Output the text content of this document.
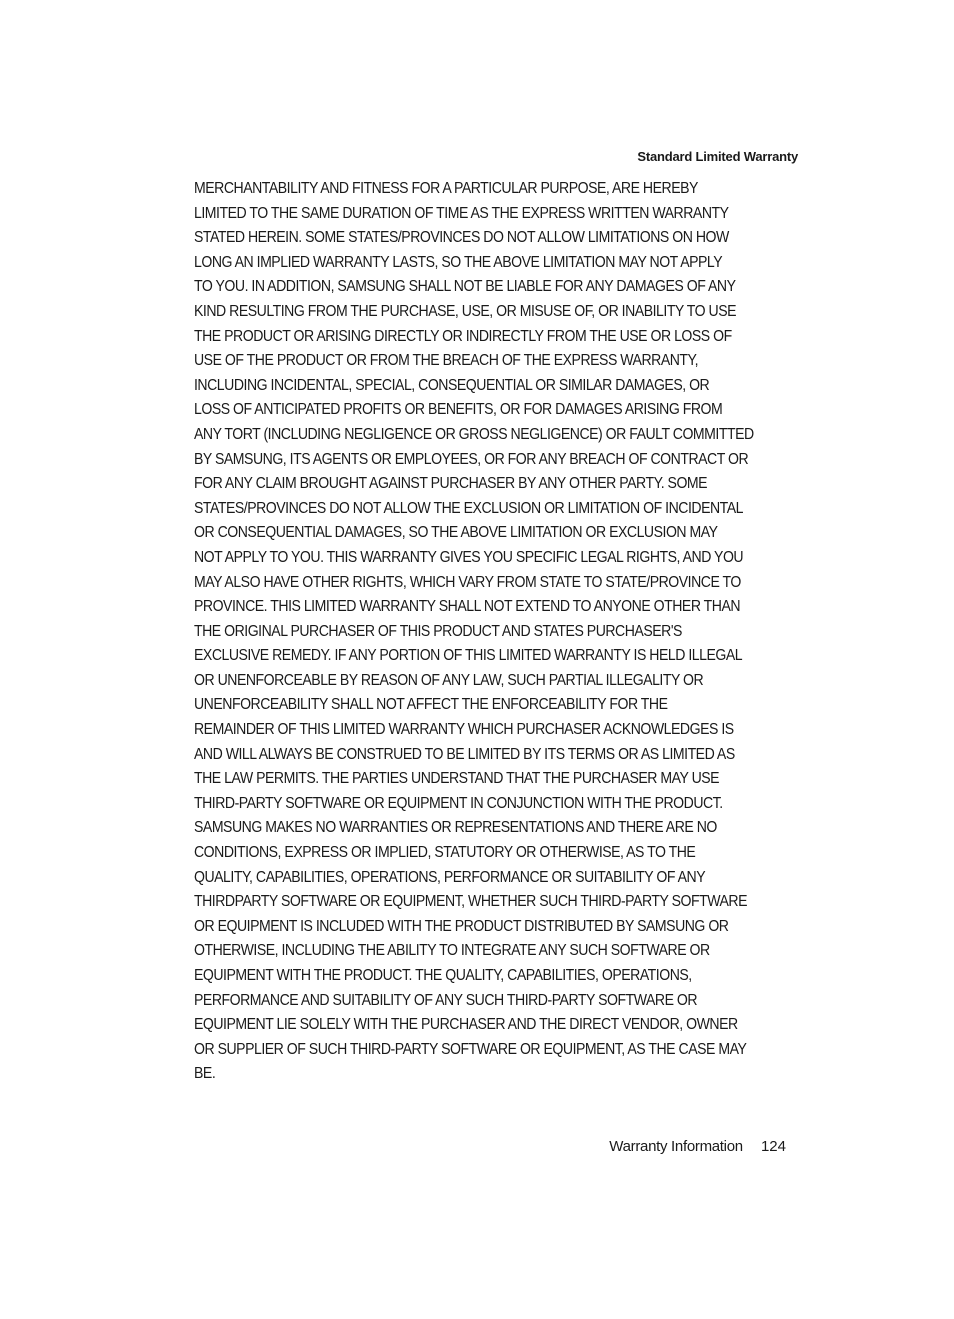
Standard Limited Warranty
MERCHANTABILITY AND FITNESS FOR A PARTICULAR PURPOSE, ARE HEREBY
LIMITED TO THE SAME DURATION OF TIME AS THE EXPRESS WRITTEN WARRANTY
STATED HEREIN. SOME STATES/PROVINCES DO NOT ALLOW LIMITATIONS ON HOW
LONG AN IMPLIED WARRANTY LASTS, SO THE ABOVE LIMITATION MAY NOT APPLY
TO YOU. IN ADDITION, SAMSUNG SHALL NOT BE LIABLE FOR ANY DAMAGES OF ANY
KIND RESULTING FROM THE PURCHASE, USE, OR MISUSE OF, OR INABILITY TO USE
THE PRODUCT OR ARISING DIRECTLY OR INDIRECTLY FROM THE USE OR LOSS OF
USE OF THE PRODUCT OR FROM THE BREACH OF THE EXPRESS WARRANTY,
INCLUDING INCIDENTAL, SPECIAL, CONSEQUENTIAL OR SIMILAR DAMAGES, OR
LOSS OF ANTICIPATED PROFITS OR BENEFITS, OR FOR DAMAGES ARISING FROM
ANY TORT (INCLUDING NEGLIGENCE OR GROSS NEGLIGENCE) OR FAULT COMMITTED
BY SAMSUNG, ITS AGENTS OR EMPLOYEES, OR FOR ANY BREACH OF CONTRACT OR
FOR ANY CLAIM BROUGHT AGAINST PURCHASER BY ANY OTHER PARTY. SOME
STATES/PROVINCES DO NOT ALLOW THE EXCLUSION OR LIMITATION OF INCIDENTAL
OR CONSEQUENTIAL DAMAGES, SO THE ABOVE LIMITATION OR EXCLUSION MAY
NOT APPLY TO YOU. THIS WARRANTY GIVES YOU SPECIFIC LEGAL RIGHTS, AND YOU
MAY ALSO HAVE OTHER RIGHTS, WHICH VARY FROM STATE TO STATE/PROVINCE TO
PROVINCE. THIS LIMITED WARRANTY SHALL NOT EXTEND TO ANYONE OTHER THAN
THE ORIGINAL PURCHASER OF THIS PRODUCT AND STATES PURCHASER'S
EXCLUSIVE REMEDY. IF ANY PORTION OF THIS LIMITED WARRANTY IS HELD ILLEGAL
OR UNENFORCEABLE BY REASON OF ANY LAW, SUCH PARTIAL ILLEGALITY OR
UNENFORCEABILITY SHALL NOT AFFECT THE ENFORCEABILITY FOR THE
REMAINDER OF THIS LIMITED WARRANTY WHICH PURCHASER ACKNOWLEDGES IS
AND WILL ALWAYS BE CONSTRUED TO BE LIMITED BY ITS TERMS OR AS LIMITED AS
THE LAW PERMITS. THE PARTIES UNDERSTAND THAT THE PURCHASER MAY USE
THIRD-PARTY SOFTWARE OR EQUIPMENT IN CONJUNCTION WITH THE PRODUCT.
SAMSUNG MAKES NO WARRANTIES OR REPRESENTATIONS AND THERE ARE NO
CONDITIONS, EXPRESS OR IMPLIED, STATUTORY OR OTHERWISE, AS TO THE
QUALITY, CAPABILITIES, OPERATIONS, PERFORMANCE OR SUITABILITY OF ANY
THIRDPARTY SOFTWARE OR EQUIPMENT, WHETHER SUCH THIRD-PARTY SOFTWARE
OR EQUIPMENT IS INCLUDED WITH THE PRODUCT DISTRIBUTED BY SAMSUNG OR
OTHERWISE, INCLUDING THE ABILITY TO INTEGRATE ANY SUCH SOFTWARE OR
EQUIPMENT WITH THE PRODUCT. THE QUALITY, CAPABILITIES, OPERATIONS,
PERFORMANCE AND SUITABILITY OF ANY SUCH THIRD-PARTY SOFTWARE OR
EQUIPMENT LIE SOLELY WITH THE PURCHASER AND THE DIRECT VENDOR, OWNER
OR SUPPLIER OF SUCH THIRD-PARTY SOFTWARE OR EQUIPMENT, AS THE CASE MAY
BE.
Warranty Information 124
